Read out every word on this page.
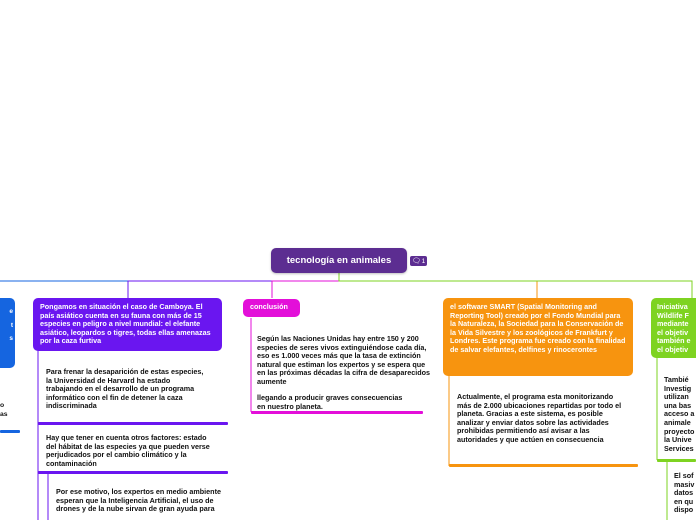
tecnología en animales	🗨 1
e
t
s
o
as
Pongamos en situación el caso de Camboya. El país asiático cuenta en su fauna con más de 15 especies en peligro a nivel mundial: el elefante asiático, leopardos o tigres, todas ellas amenazas por la caza furtiva
Para frenar la desaparición de estas especies, la Universidad de Harvard ha estado trabajando en el desarrollo de un programa informático con el fin de detener la caza indiscriminada
Hay que tener en cuenta otros factores: estado del hábitat de las especies ya que pueden verse perjudicados por el cambio climático y la contaminación
Por ese motivo, los expertos en medio ambiente esperan que la Inteligencia Artificial, el uso de drones y de la nube sirvan de gran ayuda para
conclusión
Según las Naciones Unidas hay entre 150 y 200 especies de seres vivos extinguiéndose cada día, eso es 1.000 veces más que la tasa de extinción natural que estiman los expertos y se espera que en las próximas décadas la cifra de desaparecidos aumente
llegando a producir graves consecuencias en nuestro planeta.
el software SMART (Spatial Monitoring and Reporting Tool) creado por el Fondo Mundial para la Naturaleza, la Sociedad para la Conservación de la Vida Silvestre y los zoológicos de Frankfurt y Londres. Este programa fue creado con la finalidad de salvar elefantes, delfines y rinocerontes
Actualmente, el programa esta monitorizando más de 2.000 ubicaciones repartidas por todo el planeta. Gracias a este sistema, es posible analizar y enviar datos sobre las actividades prohibidas permitiendo así avisar a las autoridades y que actúen en consecuencia
Iniciativa
Wildlife F
mediante
el objetiv
también e
el objetiv
Tambié
Investig
utilizan
una bas
acceso a
animale
proyecto
la Unive
Services
El sof
masiv
datos
en qu
dispo
